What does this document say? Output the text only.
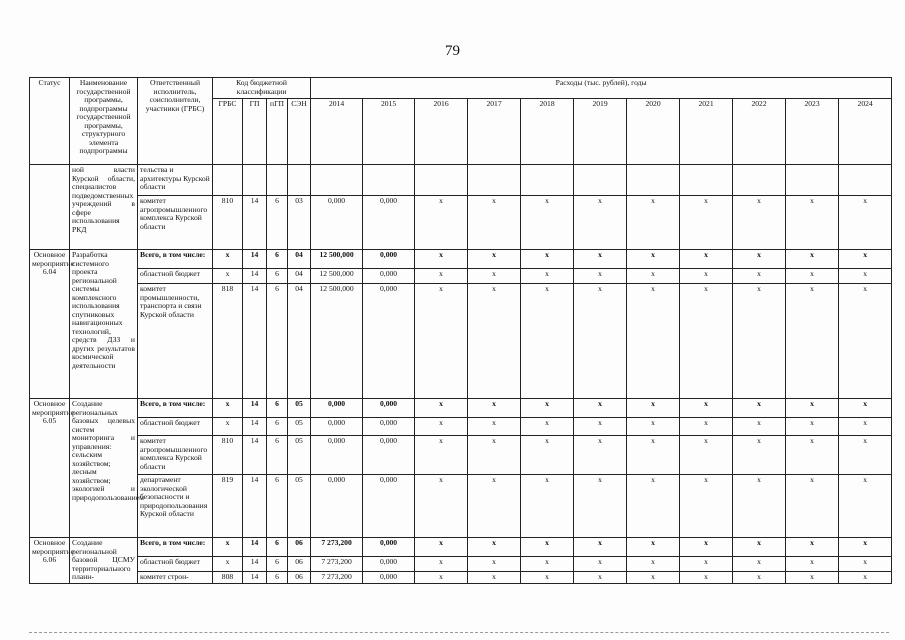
79
Статус	Наименование государственной программы, подпрограммы государственной программы, структурного элемента подпрограммы	Ответственный исполнитель, соисполнители, участники (ГРБС)	Код бюджетной классификации				Расходы (тыс. рублей), годы										
			ГРБС	ГП	пГП	СЭН	2014	2015	2016	2017	2018	2019	2020	2021	2022	2023	2024
	ной власти Курской области, специалистов подведомственных учреждений в сфере использования РКД	тельства и архитектуры Курской области															
		комитет агропромышленного комплекса Курской области	810	14	6	03	0,000	0,000	х	х	х	х	х	х	х	х	х
Основное мероприятие 6.04	Разработка системного проекта региональной системы комплексного использования спутниковых навигационных технологий, средств ДЗЗ и других результатов космической деятельности	Всего, в том числе:	х	14	6	04	12 500,000	0,000	х	х	х	х	х	х	х	х	х
		областной бюджет	х	14	6	04	12 500,000	0,000	х	х	х	х	х	х	х	х	х
		комитет промышленности, транспорта и связи Курской области	818	14	6	04	12 500,000	0,000	х	х	х	х	х	х	х	х	х
Основное мероприятие 6.05	Создание региональных базовых целевых систем мониторинга и управления: сельским хозяйством; лесным хозяйством; экологией и природопользованием	Всего, в том числе:	х	14	6	05	0,000	0,000	х	х	х	х	х	х	х	х	х
		областной бюджет	х	14	6	05	0,000	0,000	х	х	х	х	х	х	х	х	х
		комитет агропромышленного комплекса Курской области	810	14	6	05	0,000	0,000	х	х	х	х	х	х	х	х	х
		департамент экологической безопасности и природопользования Курской области	819	14	6	05	0,000	0,000	х	х	х	х	х	х	х	х	х
Основное мероприятие 6.06	Создание региональной базовой ЦСМУ территориального планн-	Всего, в том числе:	х	14	6	06	7 273,200	0,000	х	х	х	х	х	х	х	х	х
		областной бюджет	х	14	6	06	7 273,200	0,000	х	х	х	х	х	х	х	х	х
		комитет строн-	808	14	6	06	7 273,200	0,000	х	х	х	х	х	х	х	х	х
